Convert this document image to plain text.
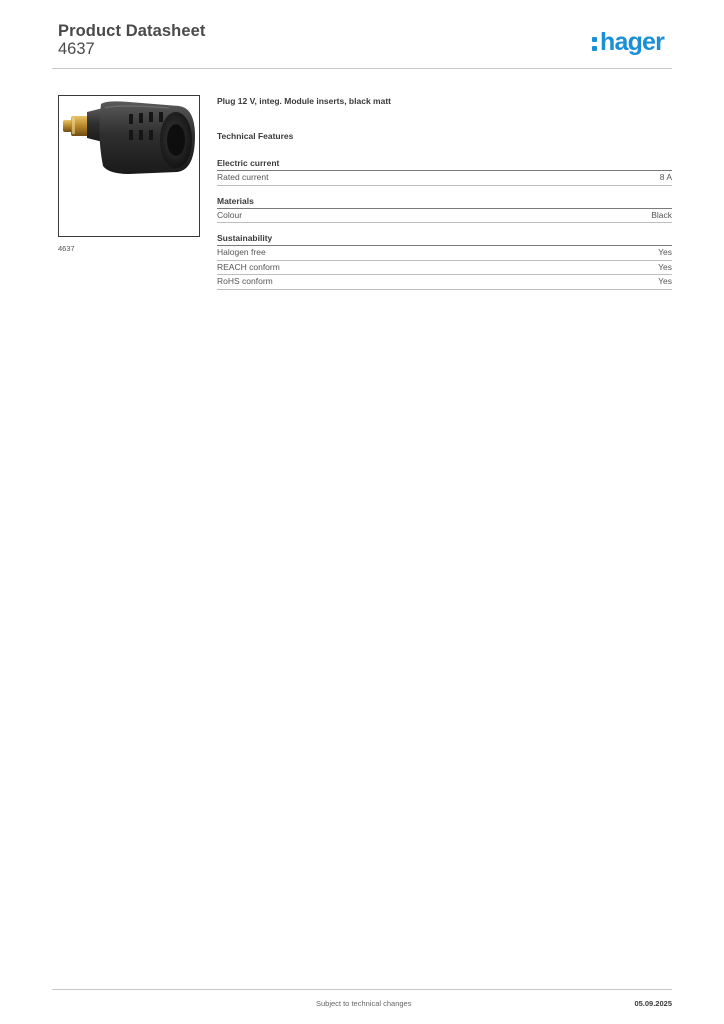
Product Datasheet
4637	hager
4637
Plug 12 V, integ. Module inserts, black matt
Technical Features
Electric current
Rated current	8 A
Materials
Colour	Black
Sustainability
Halogen free	Yes
REACH conform	Yes
RoHS conform	Yes
Subject to technical changes	05.09.2025
